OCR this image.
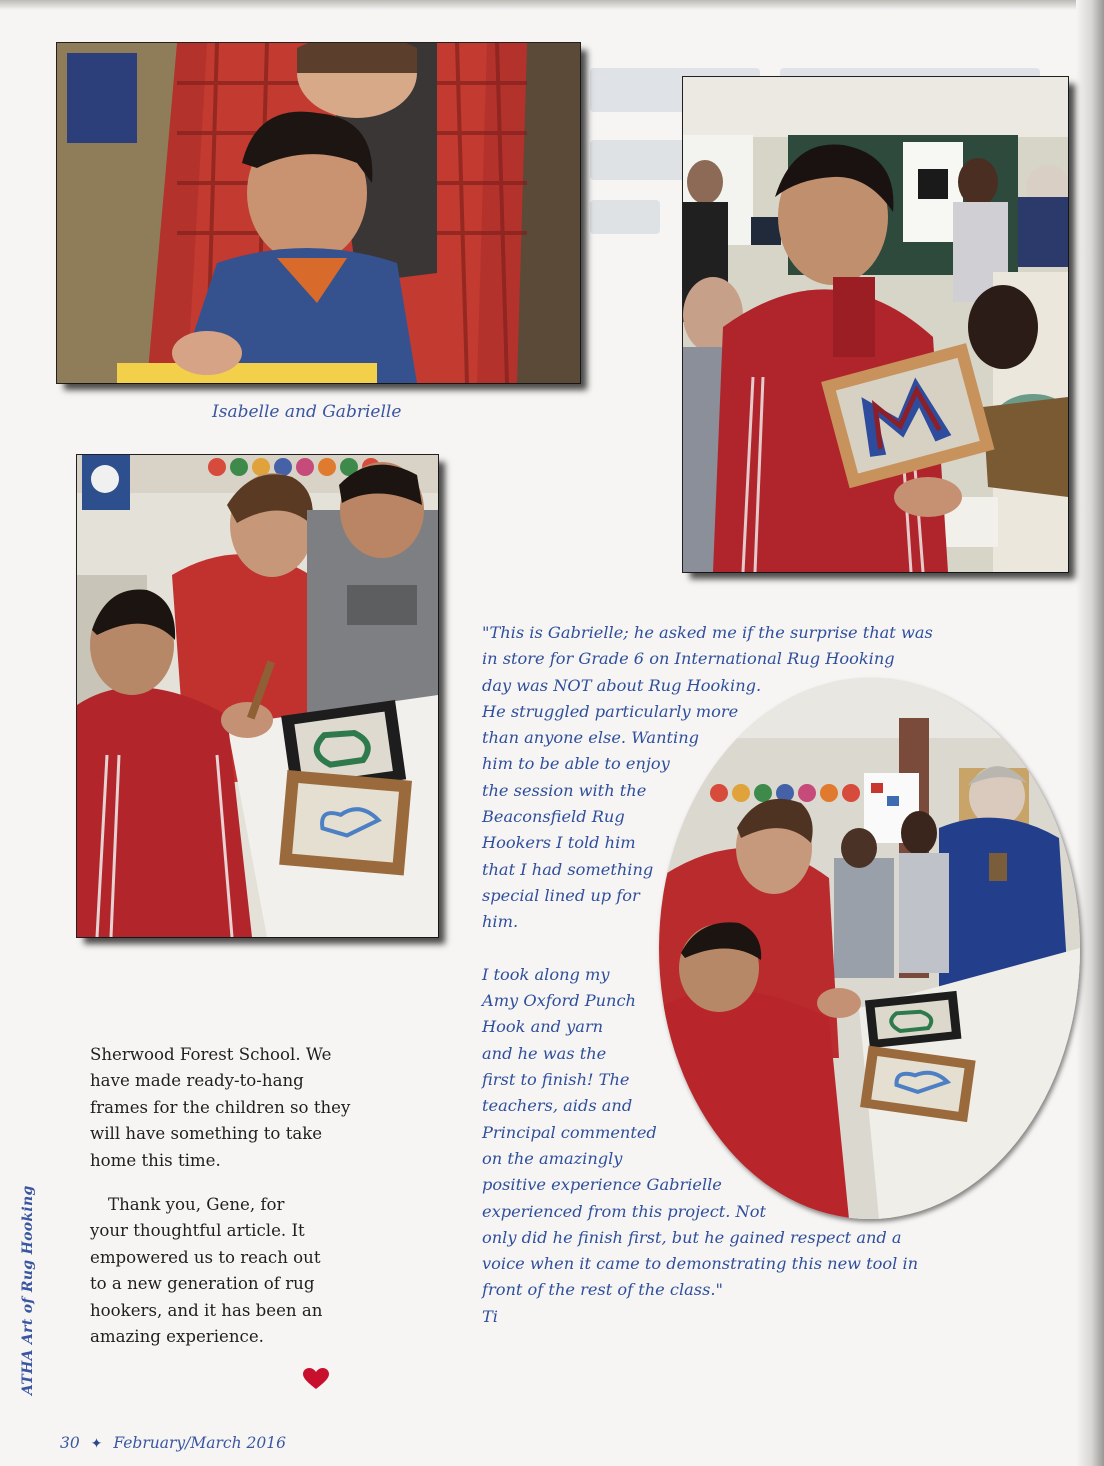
Isabelle and Gabrielle
"This is Gabrielle; he asked me if the surprise that was
in store for Grade 6 on International Rug Hooking
day was NOT about Rug Hooking.
He struggled particularly more
than anyone else. Wanting
him to be able to enjoy
the session with the
Beaconsfield Rug
Hookers I told him
that I had something
special lined up for
him.
I took along my
Amy Oxford Punch
Hook and yarn
and he was the
first to finish! The
teachers, aids and
Principal commented
on the amazingly
positive experience Gabrielle
experienced from this project. Not
only did he finish first, but he gained respect and a
voice when it came to demonstrating this new tool in
front of the rest of the class."
Ti
Sherwood Forest School. We
have made ready-to-hang
frames for the children so they
will have something to take
home this time.
Thank you, Gene, for
your thoughtful article. It
empowered us to reach out
to a new generation of rug
hookers, and it has been an
amazing experience.
ATHA Art of Rug Hooking
30 ✦ February/March 2016
